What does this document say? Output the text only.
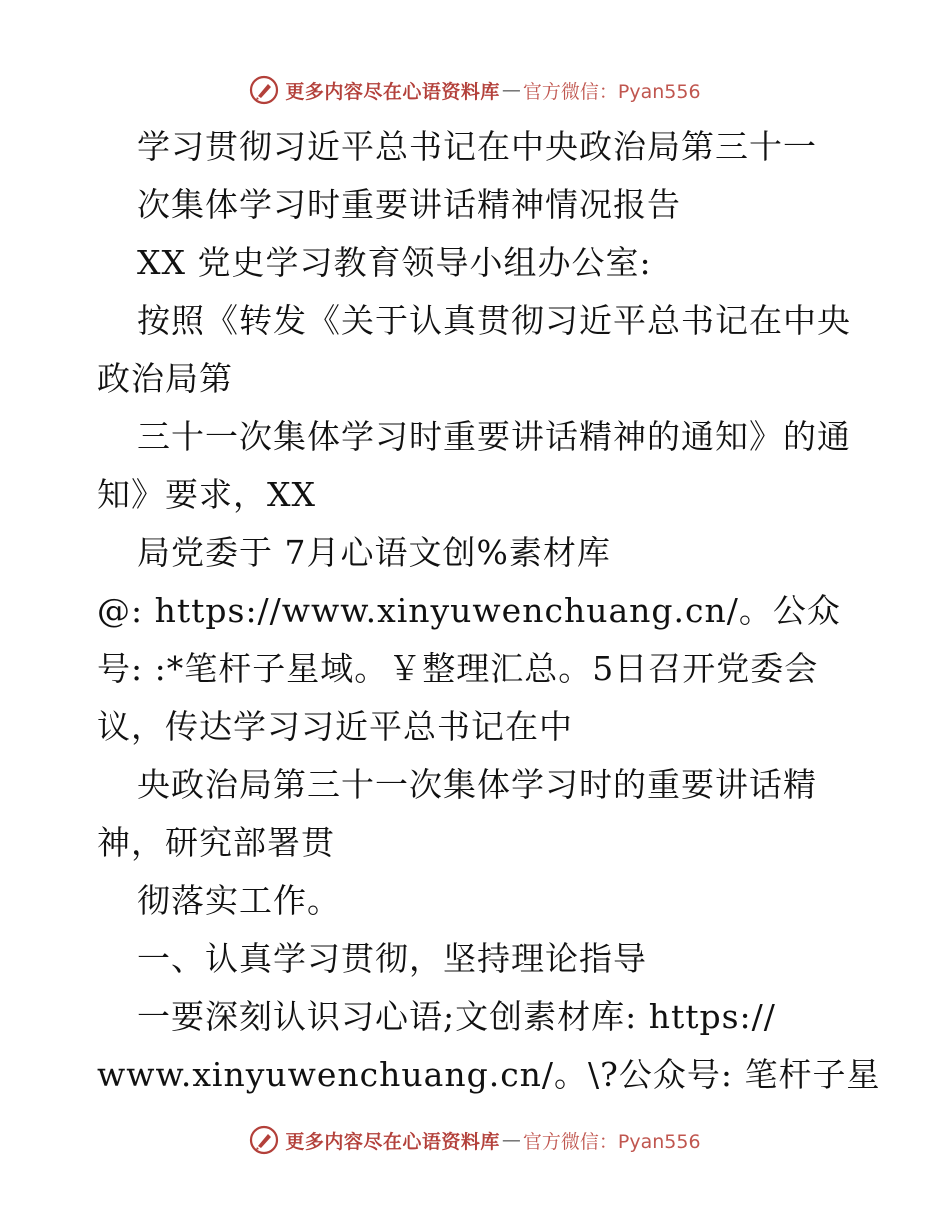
更多内容尽在心语资料库 — 官方微信：Pyan556
学习贯彻习近平总书记在中央政治局第三十一
次集体学习时重要讲话精神情况报告
XX 党史学习教育领导小组办公室:
按照《转发《关于认真贯彻习近平总书记在中央
政治局第
三十一次集体学习时重要讲话精神的通知》的通
知》要求，XX
局党委于 7月心语文创%素材库
@: https://www.xinyuwenchuang.cn/。公众
号: :*笔杆子星域。￥整理汇总。5日召开党委会
议，传达学习习近平总书记在中
央政治局第三十一次集体学习时的重要讲话精
神，研究部署贯
彻落实工作。
一、认真学习贯彻，坚持理论指导
一要深刻认识习心语;文创素材库: https://
www.xinyuwenchuang.cn/。\?公众号: 笔杆子星
更多内容尽在心语资料库 — 官方微信：Pyan556
